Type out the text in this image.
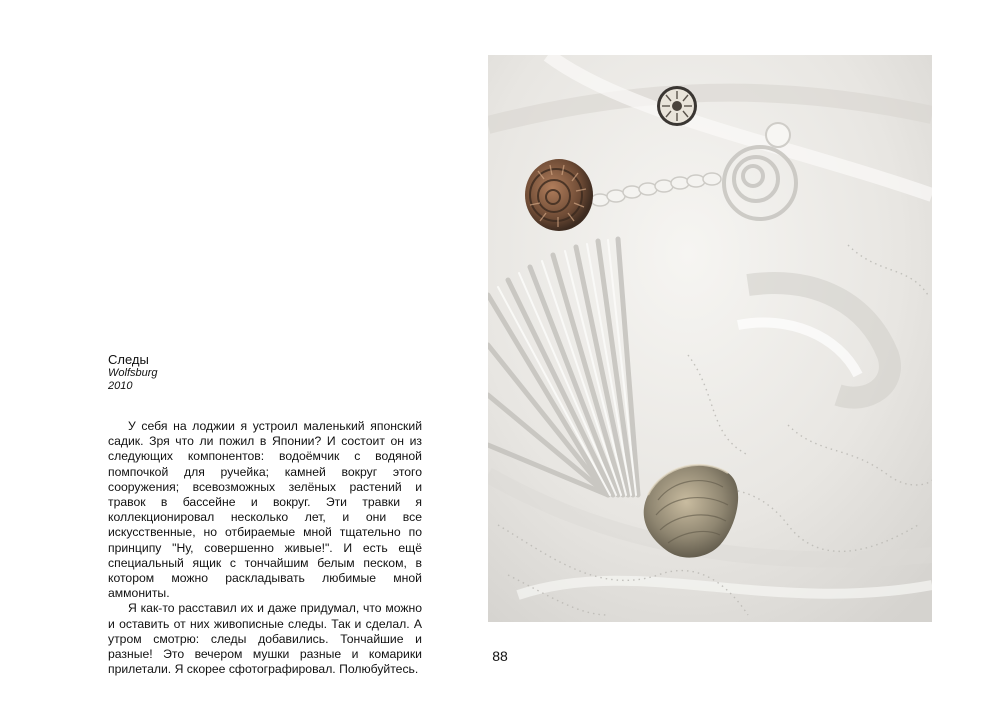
Следы
Wolfsburg
2010

У себя на лоджии я устроил маленький японский садик. Зря что ли пожил в Японии? И состоит он из следующих компонентов: водоёмчик с водяной помпочкой для ручейка; камней вокруг этого сооружения; всевозможных зелёных растений и травок в бассейне и вокруг. Эти травки я коллекционировал несколько лет, и они все искусственные, но отбираемые мной тщательно по принципу "Ну, совершенно живые!". И есть ещё специальный ящик с тончайшим белым песком, в котором можно раскладывать любимые мной аммониты.

Я как-то расставил их и даже придумал, что можно и оставить от них живописные следы. Так и сделал. А утром смотрю: следы добавились. Тончайшие и разные! Это вечером мушки разные и комарики прилетали. Я скорее сфотографировал. Полюбуйтесь.

88
